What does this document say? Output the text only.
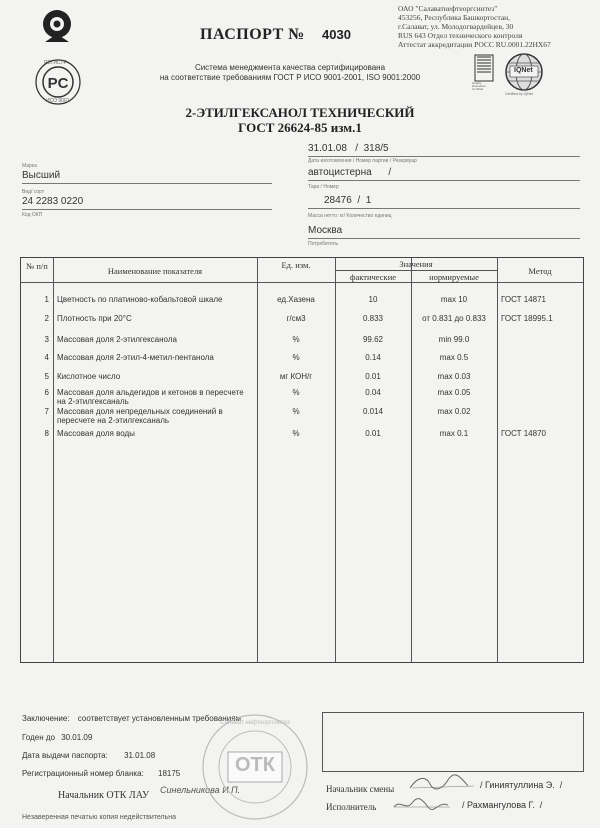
PC
РЕГИСТР
ИСО 9001
Quality Evaluation Certified
IQNet
Certified by IQNet
ОАО "Салаватнефтеоргсинтез"
453256, Республика Башкортостан,
г.Салават, ул. Молодогвардейцев, 30
RUS 643 Отдел технического контроля
Аттестат аккредитации РОСС RU.0001.22НХ67
ПАСПОРТ № 4030
Система менеджмента качества сертифицирована
на соответствие требованиям ГОСТ Р ИСО 9001-2001, ISO 9001:2000
2-ЭТИЛГЕКСАНОЛ ТЕХНИЧЕСКИЙ
ГОСТ 26624-85 изм.1
Марка
Высший
Вид/ сорт
24 2283 0220
Код ОКП
31.01.08   /  318/5
Дата изготовления / Номер партии / Резервуар
автоцистерна      /
Тара / Номер
28476  /  1
Масса нетто: кг/ Количество единиц
Москва
Потребитель
№ п/п	Наименование показателя
Ед. изм.	Значения
фактические	нормируемые
Метод
1 Цветность по платиново-кобальтовой шкале	ед.Хазена	10	max 10	ГОСТ 14871
2 Плотность при 20°С	г/см3	0.833	от 0.831 до 0.833	ГОСТ 18995.1
3 Массовая доля 2-этилгексанола	%	99.62	min 99.0
4 Массовая доля 2-этил-4-метил-пентанола	%	0.14	max 0.5
5 Кислотное число	мг КОН/г	0.01	max 0.03
6 Массовая доля альдегидов и кетонов в пересчете на 2-этилгексаналь
%	0.04	max 0.05
7 Массовая доля непредельных соединений в пересчете на 2-этилгексаналь
%	0.014	max 0.02
8 Массовая доля воды	%	0.01	max 0.1	ГОСТ 14870
Заключение: соответствует установленным требованиям
Годен до 30.01.09
Дата выдачи паспорта: 31.01.08
Регистрационный номер бланка: 18175
Начальник ОТК ЛАУ Синельникова И.П.
ОТК
Салават нефтеоргсинтез
Начальник смены	/ Гиниятуллина Э.  /
Исполнитель	/ Рахмангулова Г.  /
Незаверенная печатью копия недействительна
